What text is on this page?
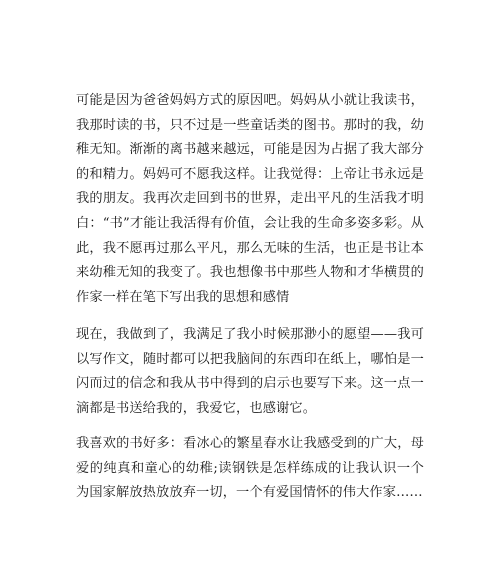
可能是因为爸爸妈妈方式的原因吧。妈妈从小就让我读书，我那时读的书，只不过是一些童话类的图书。那时的我，幼稚无知。渐渐的离书越来越远，可能是因为占据了我大部分的和精力。妈妈可不愿我这样。让我觉得：上帝让书永远是我的朋友。我再次走回到书的世界，走出平凡的生活我才明白：“书”才能让我活得有价值，会让我的生命多姿多彩。从此，我不愿再过那么平凡，那么无味的生活，也正是书让本来幼稚无知的我变了。我也想像书中那些人物和才华横贯的作家一样在笔下写出我的思想和感情

现在，我做到了，我满足了我小时候那渺小的愿望——我可以写作文，随时都可以把我脑间的东西印在纸上，哪怕是一闪而过的信念和我从书中得到的启示也要写下来。这一点一滴都是书送给我的，我爱它，也感谢它。

我喜欢的书好多：看冰心的繁星春水让我感受到的广大，母爱的纯真和童心的幼稚;读钢铁是怎样练成的让我认识一个为国家解放热放放弃一切，一个有爱国情怀的伟大作家……
